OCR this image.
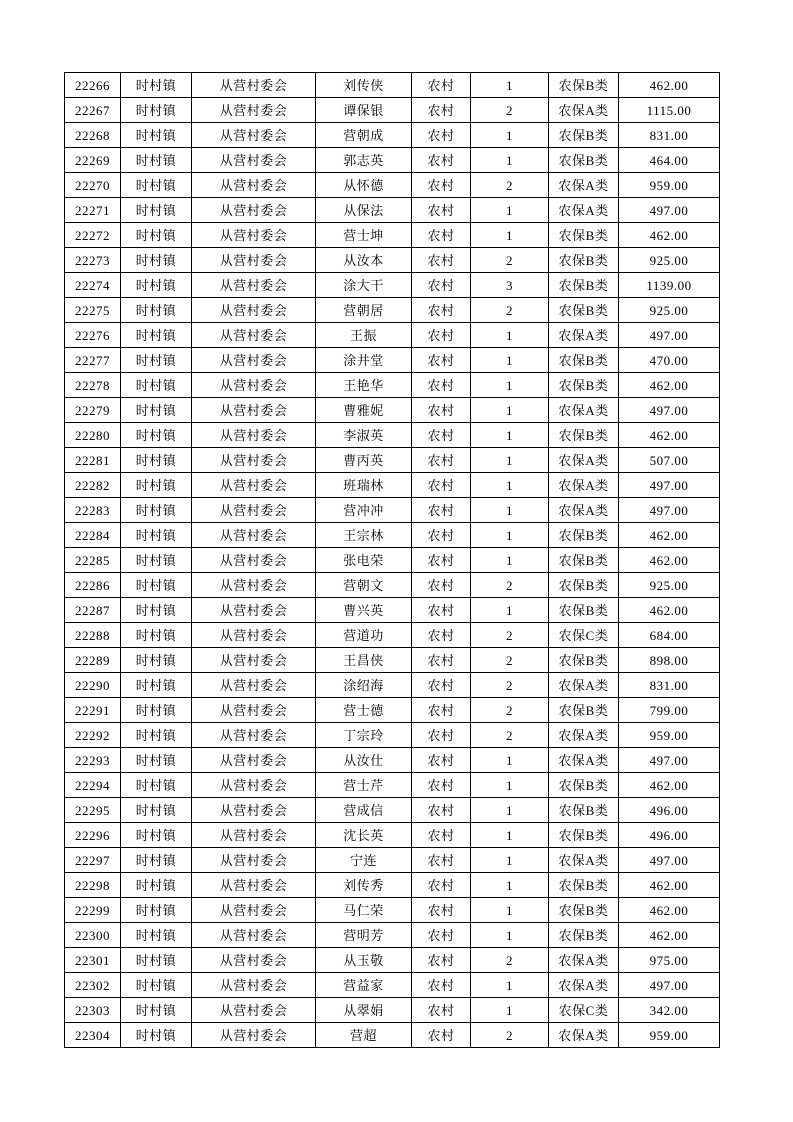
22266	时村镇	从营村委会	刘传侠	农村	1	农保B类	462.00
22267	时村镇	从营村委会	谭保银	农村	2	农保A类	1115.00
22268	时村镇	从营村委会	营朝成	农村	1	农保B类	831.00
22269	时村镇	从营村委会	郭志英	农村	1	农保B类	464.00
22270	时村镇	从营村委会	从怀德	农村	2	农保A类	959.00
22271	时村镇	从营村委会	从保法	农村	1	农保A类	497.00
22272	时村镇	从营村委会	营士坤	农村	1	农保B类	462.00
22273	时村镇	从营村委会	从汝本	农村	2	农保B类	925.00
22274	时村镇	从营村委会	涂大干	农村	3	农保B类	1139.00
22275	时村镇	从营村委会	营朝居	农村	2	农保B类	925.00
22276	时村镇	从营村委会	王振	农村	1	农保A类	497.00
22277	时村镇	从营村委会	涂井堂	农村	1	农保B类	470.00
22278	时村镇	从营村委会	王艳华	农村	1	农保B类	462.00
22279	时村镇	从营村委会	曹雅妮	农村	1	农保A类	497.00
22280	时村镇	从营村委会	李淑英	农村	1	农保B类	462.00
22281	时村镇	从营村委会	曹丙英	农村	1	农保A类	507.00
22282	时村镇	从营村委会	班瑞林	农村	1	农保A类	497.00
22283	时村镇	从营村委会	营冲冲	农村	1	农保A类	497.00
22284	时村镇	从营村委会	王宗林	农村	1	农保B类	462.00
22285	时村镇	从营村委会	张电荣	农村	1	农保B类	462.00
22286	时村镇	从营村委会	营朝文	农村	2	农保B类	925.00
22287	时村镇	从营村委会	曹兴英	农村	1	农保B类	462.00
22288	时村镇	从营村委会	营道功	农村	2	农保C类	684.00
22289	时村镇	从营村委会	王昌侠	农村	2	农保B类	898.00
22290	时村镇	从营村委会	涂绍海	农村	2	农保A类	831.00
22291	时村镇	从营村委会	营士德	农村	2	农保B类	799.00
22292	时村镇	从营村委会	丁宗玲	农村	2	农保A类	959.00
22293	时村镇	从营村委会	从汝仕	农村	1	农保A类	497.00
22294	时村镇	从营村委会	营士芹	农村	1	农保B类	462.00
22295	时村镇	从营村委会	营成信	农村	1	农保B类	496.00
22296	时村镇	从营村委会	沈长英	农村	1	农保B类	496.00
22297	时村镇	从营村委会	宁连	农村	1	农保A类	497.00
22298	时村镇	从营村委会	刘传秀	农村	1	农保B类	462.00
22299	时村镇	从营村委会	马仁荣	农村	1	农保B类	462.00
22300	时村镇	从营村委会	营明芳	农村	1	农保B类	462.00
22301	时村镇	从营村委会	从玉敬	农村	2	农保A类	975.00
22302	时村镇	从营村委会	营益家	农村	1	农保A类	497.00
22303	时村镇	从营村委会	从翠娟	农村	1	农保C类	342.00
22304	时村镇	从营村委会	营超	农村	2	农保A类	959.00
